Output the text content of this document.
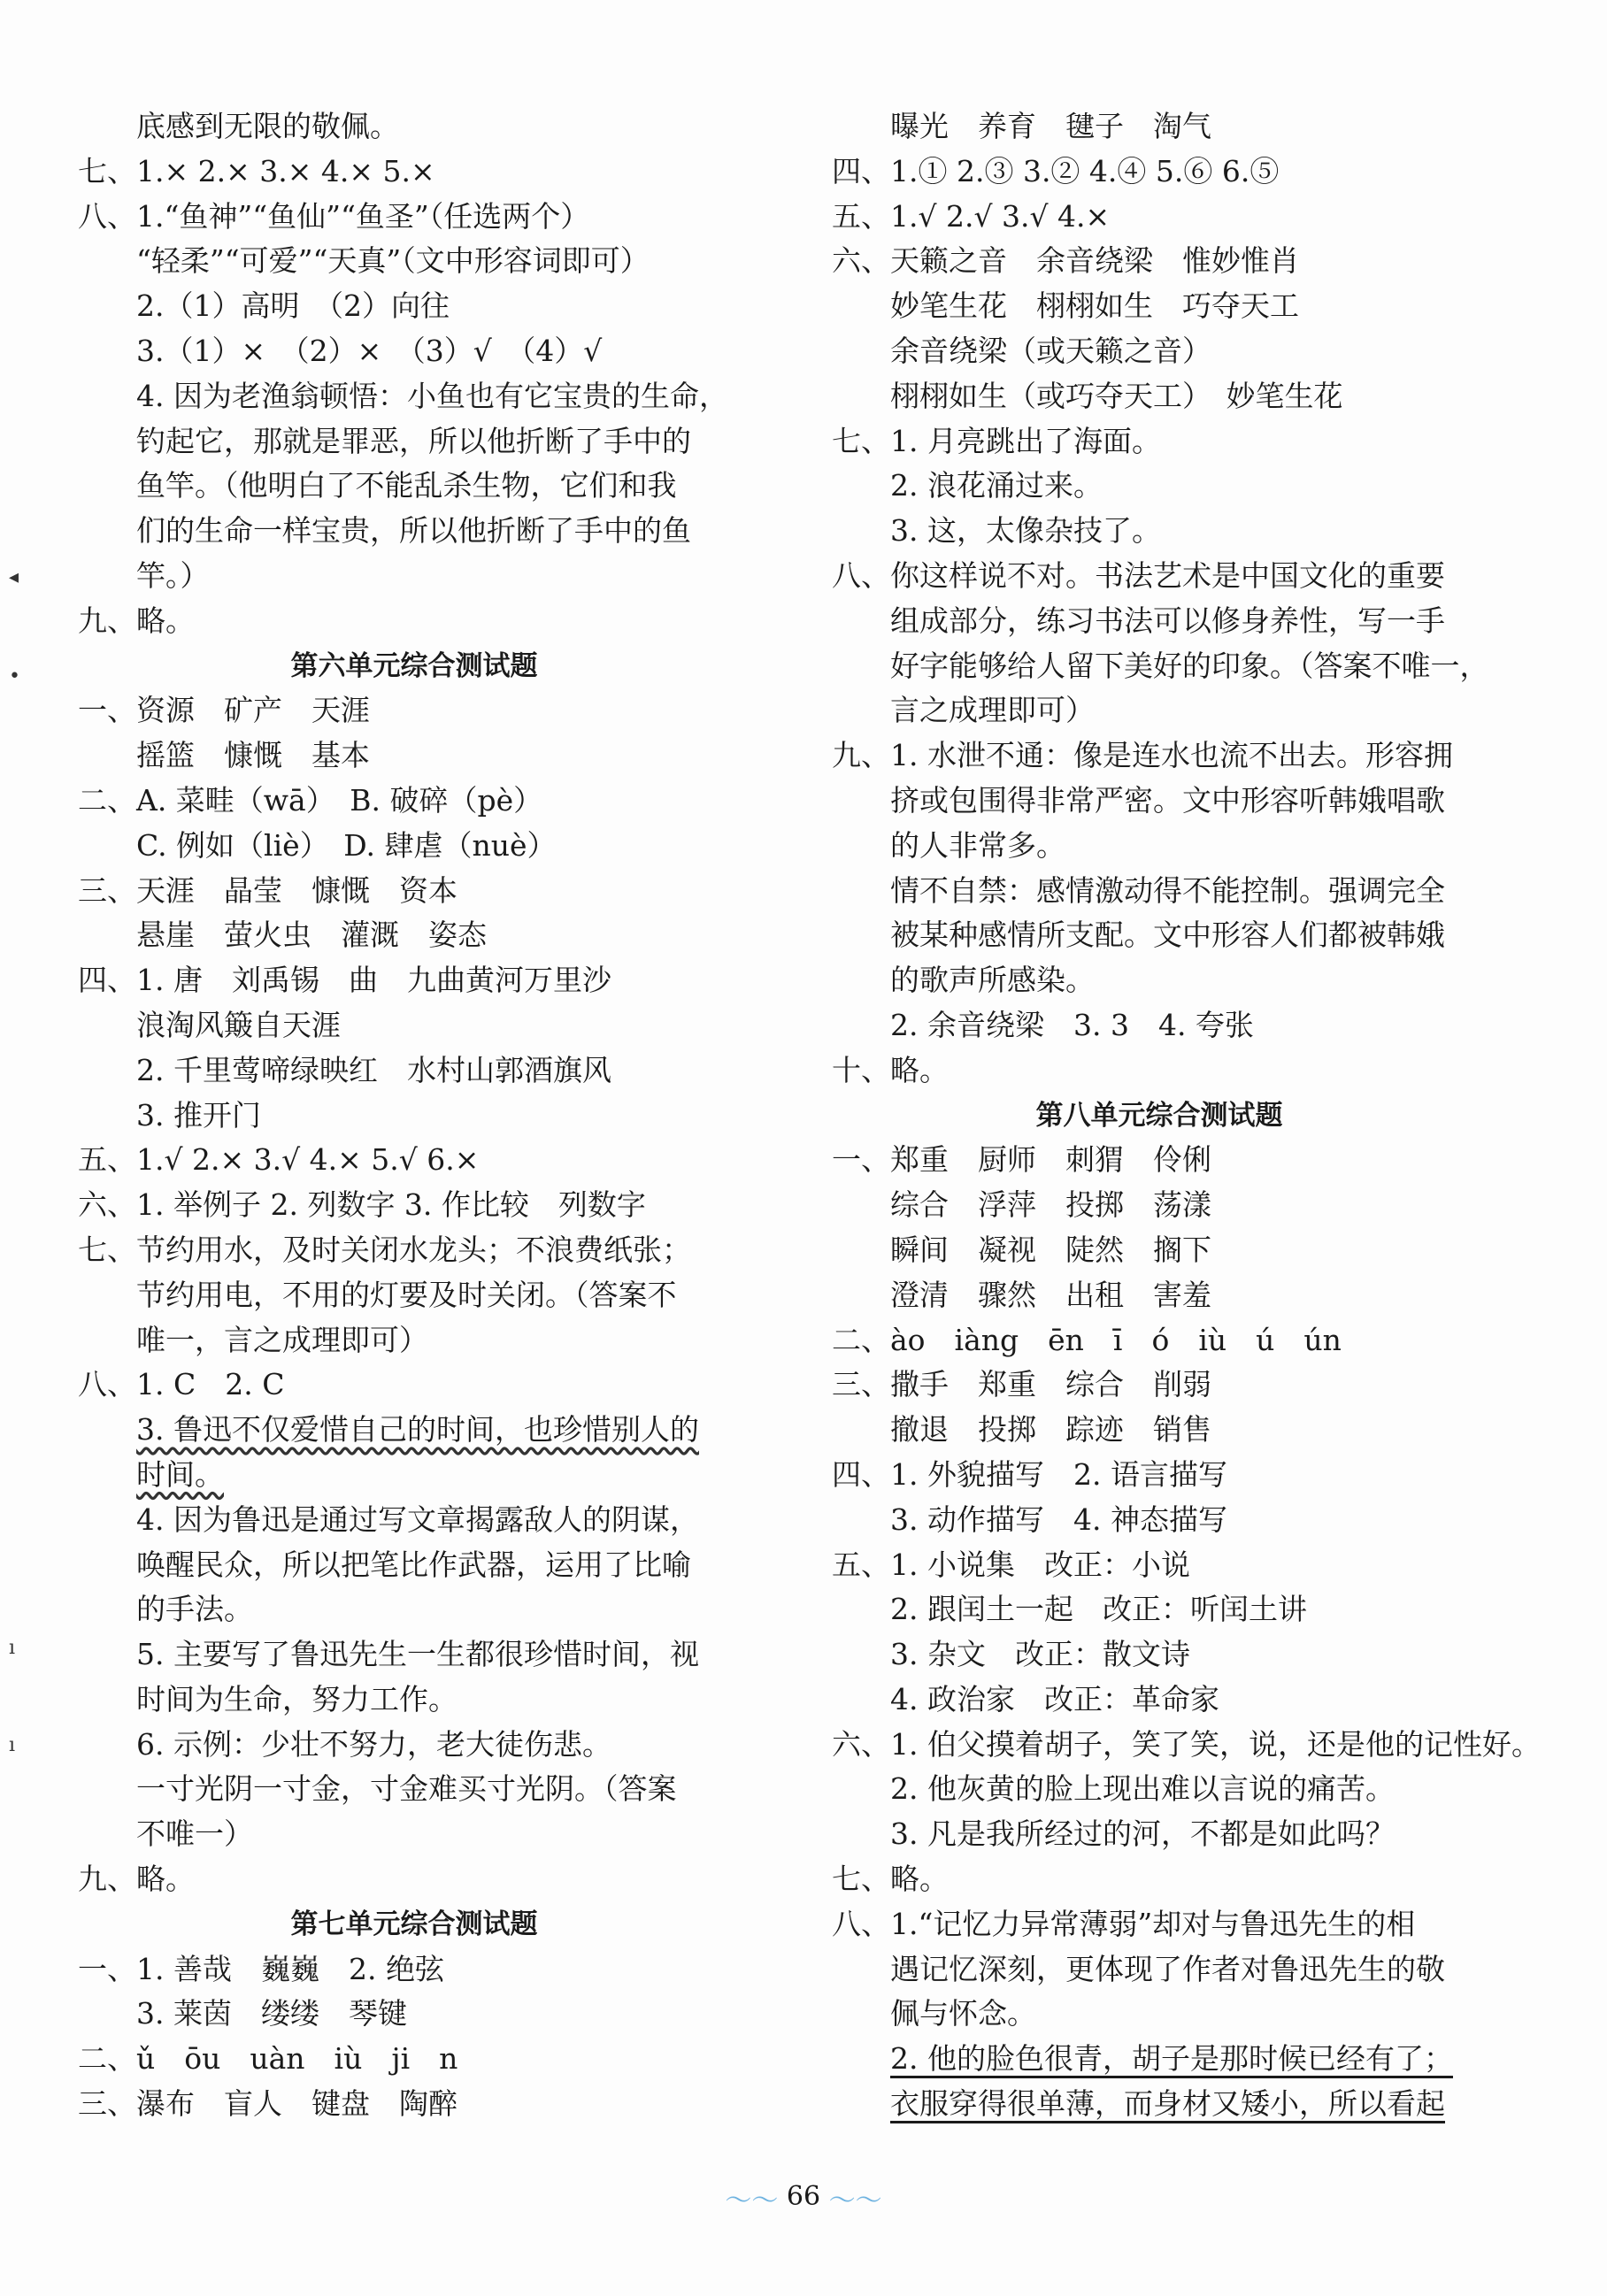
底感到无限的敬佩。
七、1.× 2.× 3.× 4.× 5.×
八、1.“鱼神”“鱼仙”“鱼圣”（任选两个）
“轻柔”“可爱”“天真”（文中形容词即可）
2.（1）高明　（2）向往
3.（1）×　（2）×　（3）√　（4）√
4. 因为老渔翁顿悟：小鱼也有它宝贵的生命，
钓起它，那就是罪恶，所以他折断了手中的
鱼竿。（他明白了不能乱杀生物，它们和我
们的生命一样宝贵，所以他折断了手中的鱼
竿。）
九、略。
第六单元综合测试题
一、资源　矿产　天涯
摇篮　慷慨　基本
二、A. 菜畦（wā）　B. 破碎（pè）
C. 例如（liè）　D. 肆虐（nuè）
三、天涯　晶莹　慷慨　资本
悬崖　萤火虫　灌溉　姿态
四、1. 唐　刘禹锡　曲　九曲黄河万里沙
浪淘风簸自天涯
2. 千里莺啼绿映红　水村山郭酒旗风
3. 推开门
五、1.√ 2.× 3.√ 4.× 5.√ 6.×
六、1. 举例子 2. 列数字 3. 作比较　列数字
七、节约用水，及时关闭水龙头；不浪费纸张；
节约用电，不用的灯要及时关闭。（答案不
唯一，言之成理即可）
八、1. C　2. C
3. 鲁迅不仅爱惜自己的时间，也珍惜别人的
时间。
4. 因为鲁迅是通过写文章揭露敌人的阴谋，
唤醒民众，所以把笔比作武器，运用了比喻
的手法。
5. 主要写了鲁迅先生一生都很珍惜时间，视
时间为生命，努力工作。
6. 示例：少壮不努力，老大徒伤悲。
一寸光阴一寸金，寸金难买寸光阴。（答案
不唯一）
九、略。
第七单元综合测试题
一、1. 善哉　巍巍　2. 绝弦
3. 莱茵　缕缕　琴键
二、ǔ　ōu　uàn　iù　ji　n
三、瀑布　盲人　键盘　陶醉
曝光　养育　毽子　淘气
四、1.① 2.③ 3.② 4.④ 5.⑥ 6.⑤
五、1.√ 2.√ 3.√ 4.×
六、天籁之音　余音绕梁　惟妙惟肖
妙笔生花　栩栩如生　巧夺天工
余音绕梁（或天籁之音）
栩栩如生（或巧夺天工）　妙笔生花
七、1. 月亮跳出了海面。
2. 浪花涌过来。
3. 这，太像杂技了。
八、你这样说不对。书法艺术是中国文化的重要
组成部分，练习书法可以修身养性，写一手
好字能够给人留下美好的印象。（答案不唯一，
言之成理即可）
九、1. 水泄不通：像是连水也流不出去。形容拥
挤或包围得非常严密。文中形容听韩娥唱歌
的人非常多。
情不自禁：感情激动得不能控制。强调完全
被某种感情所支配。文中形容人们都被韩娥
的歌声所感染。
2. 余音绕梁　3. 3　4. 夸张
十、略。
第八单元综合测试题
一、郑重　厨师　刺猬　伶俐
综合　浮萍　投掷　荡漾
瞬间　凝视　陡然　搁下
澄清　骤然　出租　害羞
二、ào　iàng　ēn　ī　ó　iù　ú　ún
三、撒手　郑重　综合　削弱
撤退　投掷　踪迹　销售
四、1. 外貌描写　2. 语言描写
3. 动作描写　4. 神态描写
五、1. 小说集　改正：小说
2. 跟闰土一起　改正：听闰土讲
3. 杂文　改正：散文诗
4. 政治家　改正：革命家
六、1. 伯父摸着胡子，笑了笑，说，还是他的记性好。
2. 他灰黄的脸上现出难以言说的痛苦。
3. 凡是我所经过的河，不都是如此吗？
七、略。
八、1.“记忆力异常薄弱”却对与鲁迅先生的相
遇记忆深刻，更体现了作者对鲁迅先生的敬
佩与怀念。
2. 他的脸色很青，胡子是那时候已经有了；
衣服穿得很单薄，而身材又矮小，所以看起
◂
•
ı
ı
〜〜 66 〜〜
